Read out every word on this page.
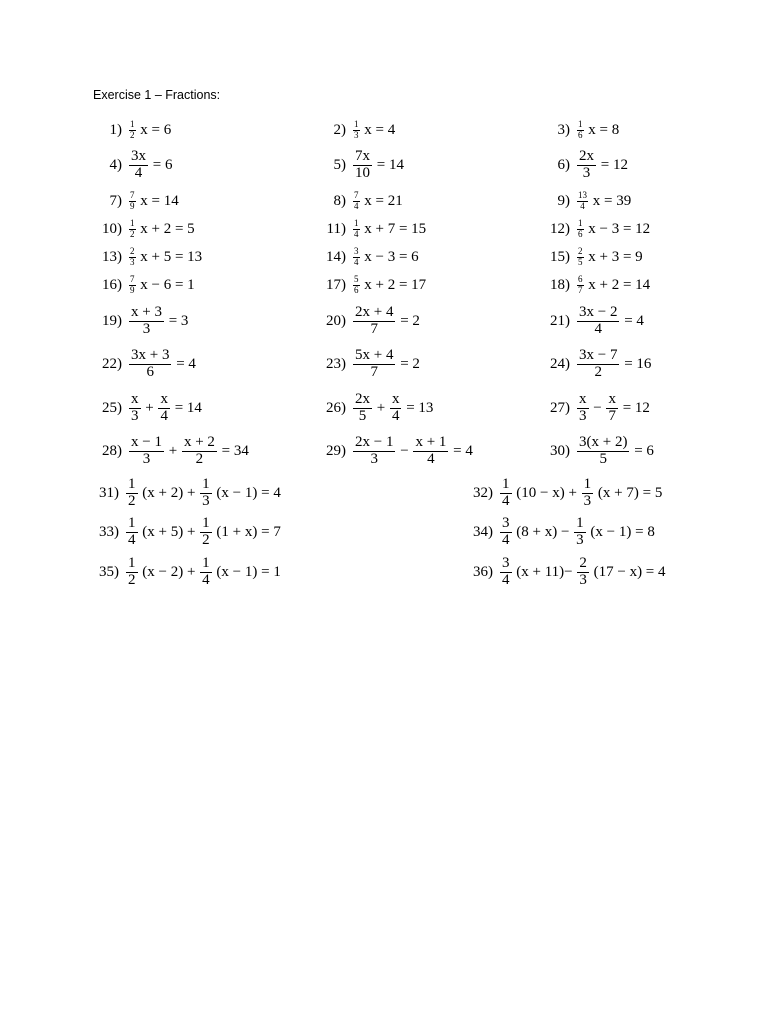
Exercise 1 – Fractions:
$1) \frac{1}{2}$ x = 6	$2) \frac{1}{3}$ x = 4	$3) \frac{1}{6}$ x = 8
$4) \frac{3x}{4} = 6$	$5) \frac{7x}{10} = 14$	$6) \frac{2x}{3} = 12$
$7) \frac{7}{9}$ x = 14	$8) \frac{7}{4}$ x = 21	$9) \frac{13}{4}$ x = 39
$10) \frac{1}{2}$ x + 2 = 5	$11) \frac{1}{4}$ x + 7 = 15	$12) \frac{1}{6}$ x − 3 = 12
$13) \frac{2}{3}$ x + 5 = 13	$14) \frac{3}{4}$ x − 3 = 6	$15) \frac{2}{5}$ x + 3 = 9
$16) \frac{7}{9}$ x − 6 = 1	$17) \frac{5}{6}$ x + 2 = 17	$18) \frac{6}{7}$ x + 2 = 14
$19) \frac{x + 3}{3} = 3$	$20) \frac{2x + 4}{7} = 2$	$21) \frac{3x - 2}{4} = 4$
$22) \frac{3x + 3}{6} = 4$	$23) \frac{5x + 4}{7} = 2$	$24) \frac{3x - 7}{2} = 16$
$25) \frac{x}{3} + \frac{x}{4} = 14$	$26) \frac{2x}{5} + \frac{x}{4} = 13$	$27) \frac{x}{3} - \frac{x}{7} = 12$
$28) \frac{x - 1}{3} + \frac{x + 2}{2} = 34$	$29) \frac{2x - 1}{3} - \frac{x + 1}{4} = 4$	$30) \frac{3(x + 2)}{5} = 6$
$31) \frac{1}{2} (x + 2) + \frac{1}{3} (x - 1) = 4$	$32) \frac{1}{4} (10 - x) + \frac{1}{3} (x + 7) = 5$
$33) \frac{1}{4} (x + 5) + \frac{1}{2} (1 + x) = 7$	$34) \frac{3}{4} (8 + x) - \frac{1}{3} (x - 1) = 8$
$35) \frac{1}{2} (x - 2) + \frac{1}{4} (x - 1) = 1$	$36) \frac{3}{4} (x + 11)- \frac{2}{3} (17 - x) = 4$
